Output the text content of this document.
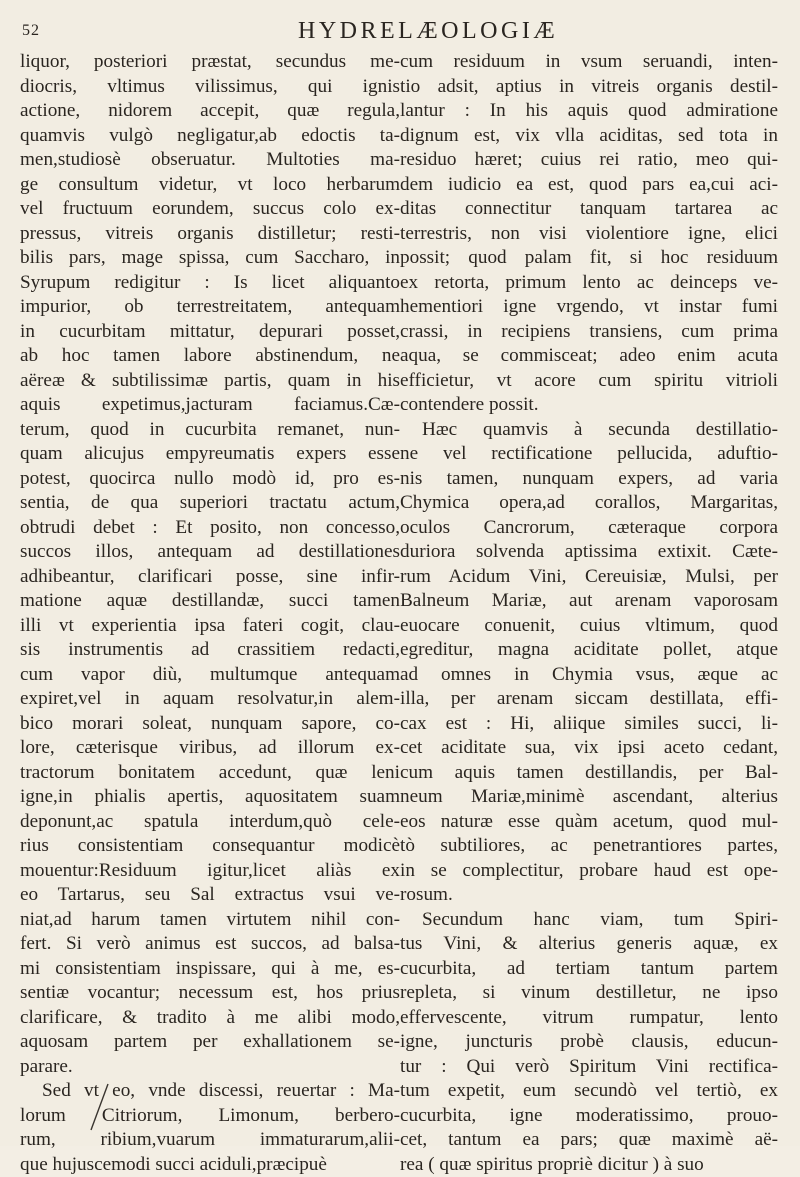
52	HYDRELÆOLOGIÆ
liquor, posteriori præstat, secundus me-
diocris, vltimus vilissimus, qui ignis
actione, nidorem accepit, quæ regula,
quamvis vulgò negligatur,ab edoctis ta-
men,studiosè obseruatur. Multoties ma-
ge consultum videtur, vt loco herbarum
vel fructuum eorundem, succus colo ex-
pressus, vitreis organis distilletur; resti-
bilis pars, mage spissa, cum Saccharo, in
Syrupum redigitur : Is licet aliquanto
impurior, ob terrestreitatem, antequam
in cucurbitam mittatur, depurari posset,
ab hoc tamen labore abstinendum, ne
aëreæ & subtilissimæ partis, quam in his
aquis expetimus,jacturam faciamus.Cæ-
terum, quod in cucurbita remanet, nun-
quam alicujus empyreumatis expers esse
potest, quocirca nullo modò id, pro es-
sentia, de qua superiori tractatu actum,
obtrudi debet : Et posito, non concesso,
succos illos, antequam ad destillationes
adhibeantur, clarificari posse, sine infir-
matione aquæ destillandæ, succi tamen
illi vt experientia ipsa fateri cogit, clau-
sis instrumentis ad crassitiem redacti,
cum vapor diù, multumque antequam
expiret,vel in aquam resolvatur,in alem-
bico morari soleat, nunquam sapore, co-
lore, cæterisque viribus, ad illorum ex-
tractorum bonitatem accedunt, quæ leni
igne,in phialis apertis, aquositatem suam
deponunt,ac spatula interdum,quò cele-
rius consistentiam consequantur modicè
mouentur:Residuum igitur,licet aliàs ex
eo Tartarus, seu Sal extractus vsui ve-
niat,ad harum tamen virtutem nihil con-
fert. Si verò animus est succos, ad balsa-
mi consistentiam inspissare, qui à me, es-
sentiæ vocantur; necessum est, hos prius
clarificare, & tradito à me alibi modo,
aquosam partem per exhallationem se-
parare.
Sed vt eo, vnde discessi, reuertar : Ma-
lorum Citriorum, Limonum, berbero-
rum, ribium,vuarum immaturarum,alii-
que hujuscemodi succi aciduli,præcipuè
cum residuum in vsum seruandi, inten-
tio adsit, aptius in vitreis organis destil-
lantur : In his aquis quod admiratione
dignum est, vix vlla aciditas, sed tota in
residuo hæret; cuius rei ratio, meo qui-
dem iudicio ea est, quod pars ea,cui aci-
ditas connectitur tanquam tartarea ac
terrestris, non visi violentiore igne, elici
possit; quod palam fit, si hoc residuum
ex retorta, primum lento ac deinceps ve-
hementiori igne vrgendo, vt instar fumi
crassi, in recipiens transiens, cum prima
aqua, se commisceat; adeo enim acuta
efficietur, vt acore cum spiritu vitrioli
contendere possit.
Hæc quamvis à secunda destillatio-
ne vel rectificatione pellucida, aduftio-
nis tamen, nunquam expers, ad varia
Chymica opera,ad corallos, Margaritas,
oculos Cancrorum, cæteraque corpora
duriora solvenda aptissima extixit. Cæte-
rum Acidum Vini, Cereuisiæ, Mulsi, per
Balneum Mariæ, aut arenam vaporosam
euocare conuenit, cuius vltimum, quod
egreditur, magna aciditate pollet, atque
ad omnes in Chymia vsus, æque ac
illa, per arenam siccam destillata, effi-
cax est : Hi, aliique similes succi, li-
cet aciditate sua, vix ipsi aceto cedant,
cum aquis tamen destillandis, per Bal-
neum Mariæ,minimè ascendant, alterius
eos naturæ esse quàm acetum, quod mul-
tò subtiliores, ac penetrantiores partes,
in se complectitur, probare haud est ope-
rosum.
Secundum hanc viam, tum Spiri-
tus Vini, & alterius generis aquæ, ex
cucurbita, ad tertiam tantum partem
repleta, si vinum destilletur, ne ipso
effervescente, vitrum rumpatur, lento
igne, juncturis probè clausis, educun-
tur : Qui verò Spiritum Vini rectifica-
tum expetit, eum secundò vel tertiò, ex
cucurbita, igne moderatissimo, prouo-
cet, tantum ea pars; quæ maximè aë-
rea ( quæ spiritus propriè dicitur ) à suo
